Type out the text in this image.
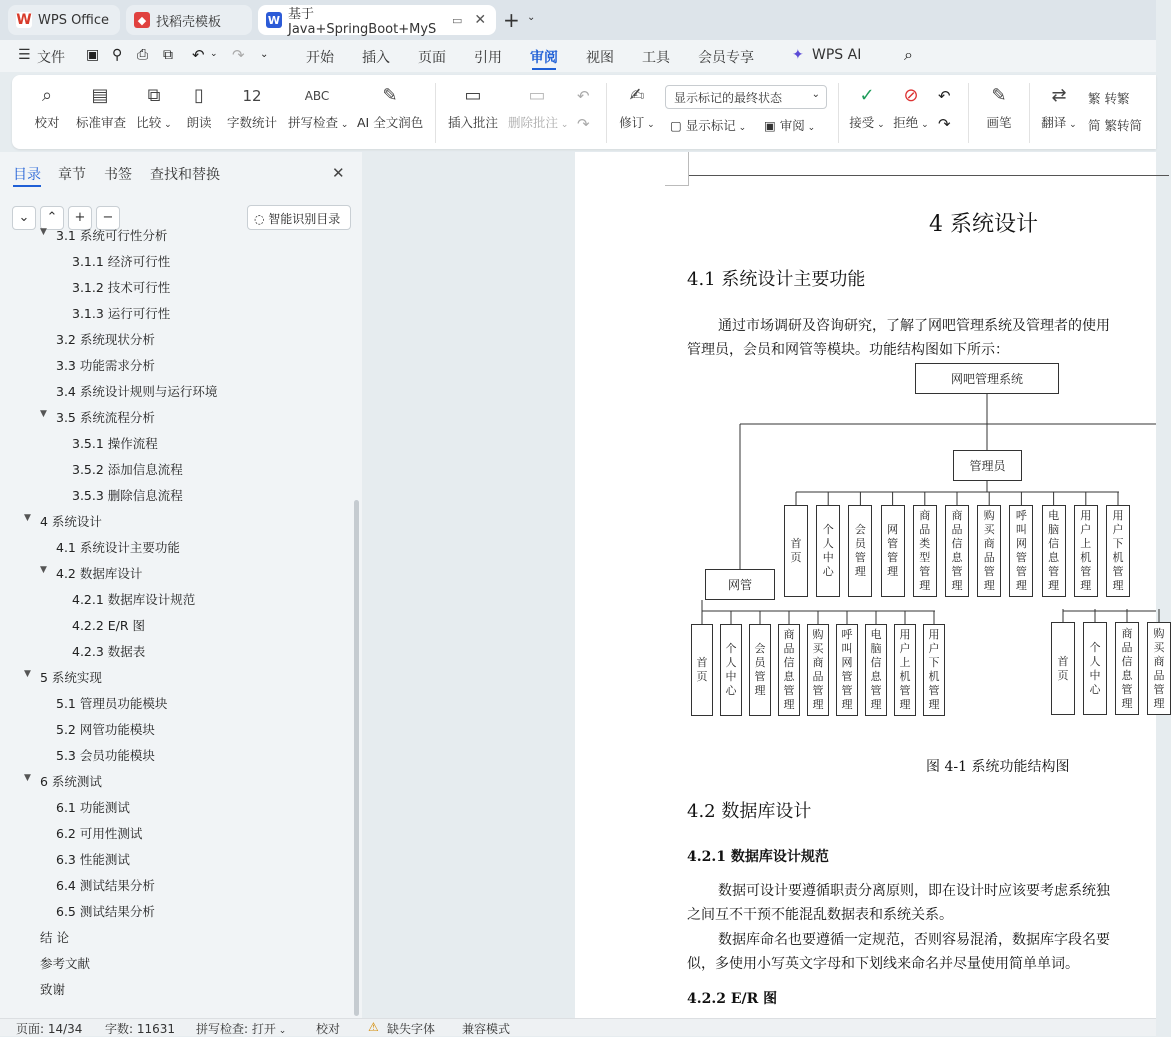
W WPS Office	◆ 找稻壳模板	W 基于Java+SpringBoot+MyS
▭ ✕ + ⌄
☰ 文件 ▣ ⚲ ⎙ ⧉ ↶ ⌄ ↷ ⌄	开始 插入 页面 引用 审阅 视图 工具 会员专享	✦ WPS AI	⌕
⌕
校对
▤
标准审查
⧉
比较 ⌄
▯
朗读
12
字数统计
ABC
拼写检查 ⌄
✎
AI 全文润色
▭
插入批注
▭
删除批注 ⌄
↶
↷
✍
修订 ⌄
显示标记的最终状态	⌄
▢ 显示标记 ⌄ ▣ 审阅 ⌄
✓
接受 ⌄
⊘
拒绝 ⌄
↶
↷
✎
画笔
⇄
翻译 ⌄
繁 转繁
简 繁转简
目录 章节 书签 查找和替换	✕
⌄	⌃	+	−	◌ 智能识别目录
▼ 3.1 系统可行性分析
3.1.1 经济可行性
3.1.2 技术可行性
3.1.3 运行可行性
3.2 系统现状分析
3.3 功能需求分析
3.4 系统设计规则与运行环境
▼ 3.5 系统流程分析
3.5.1 操作流程
3.5.2 添加信息流程
3.5.3 删除信息流程
▼ 4 系统设计
4.1 系统设计主要功能
▼ 4.2 数据库设计
4.2.1 数据库设计规范
4.2.2 E/R 图
4.2.3 数据表
▼ 5 系统实现
5.1 管理员功能模块
5.2 网管功能模块
5.3 会员功能模块
▼ 6 系统测试
6.1 功能测试
6.2 可用性测试
6.3 性能测试
6.4 测试结果分析
6.5 测试结果分析
结 论
参考文献
致谢
4 系统设计
4.1 系统设计主要功能
通过市场调研及咨询研究，了解了网吧管理系统及管理者的使用
管理员，会员和网管等模块。功能结构图如下所示：
网吧管理系统
管理员
网管
首页
个人中心
会员管理
网管管理
商品类型管理
商品信息管理
购买商品管理
呼叫网管管理
电脑信息管理
用户上机管理
用户下机管理
首页
个人中心
会员管理
商品信息管理
购买商品管理
呼叫网管管理
电脑信息管理
用户上机管理
用户下机管理
首页
个人中心
商品信息管理
购买商品管理
图 4-1 系统功能结构图
4.2 数据库设计
4.2.1 数据库设计规范
数据可设计要遵循职责分离原则，即在设计时应该要考虑系统独
之间互不干预不能混乱数据表和系统关系。
数据库命名也要遵循一定规范，否则容易混淆，数据库字段名要
似，多使用小写英文字母和下划线来命名并尽量使用简单单词。
4.2.2 E/R 图
页面: 14/34 字数: 11631 拼写检查: 打开 ⌄ 校对 ⚠ 缺失字体 兼容模式
